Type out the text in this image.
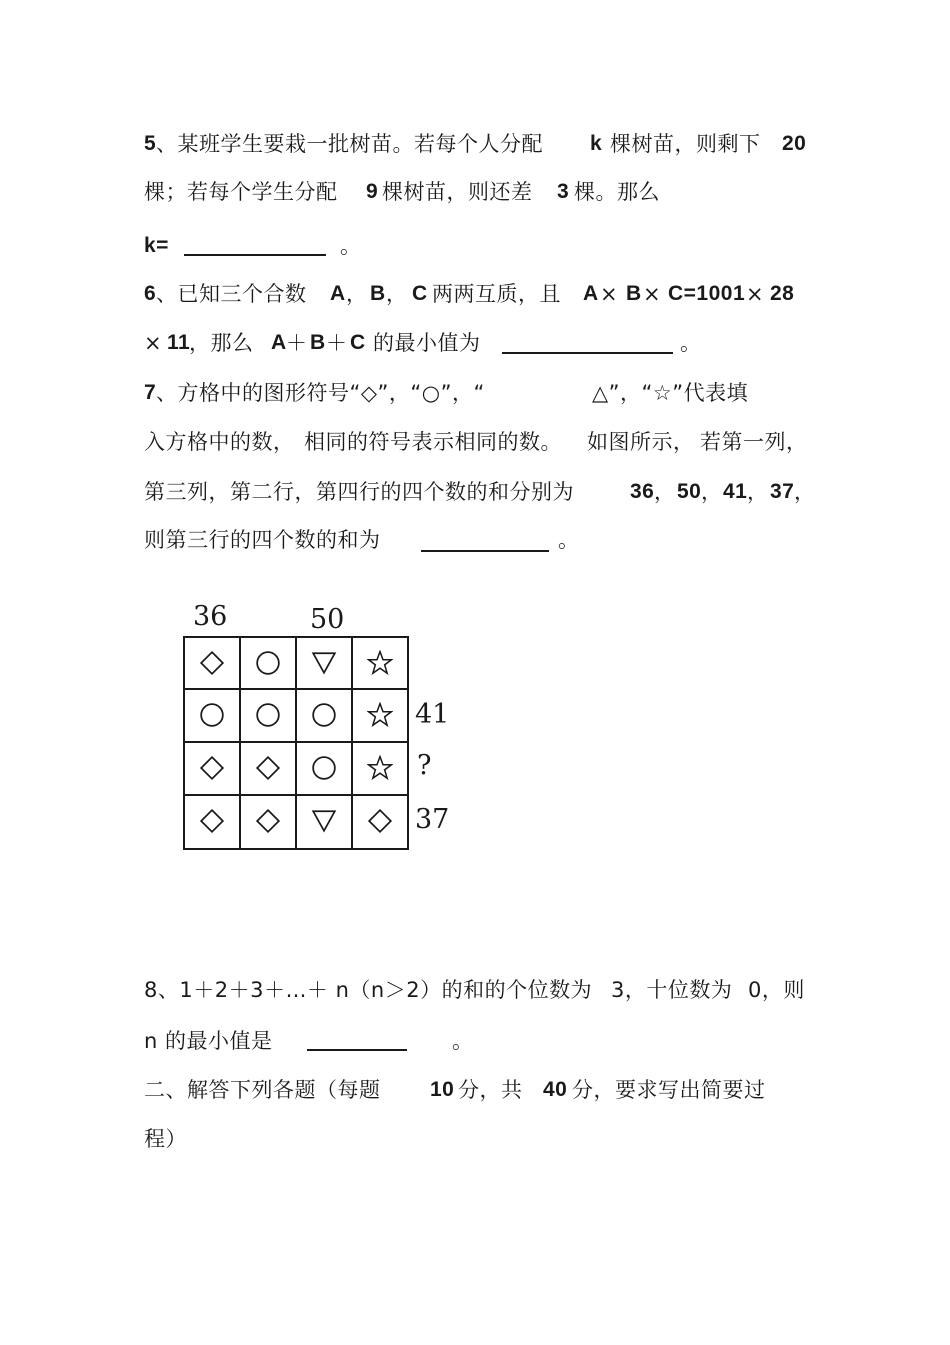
5 、某班学生要栽一批树苗。若每个人分配 k 棵树苗，则剩下 20
棵；若每个学生分配 9 棵树苗，则还差 3 棵。那么
k=	。
6 、已知三个合数 A ， B ， C 两两互质，且 A × B × C=1001 × 28
× 11
，那么 A ＋ B ＋ C 的最小值为	。
7 、方格中的图形符号“◇”，“○”，“	△”，“☆”代表填
入方格中的数， 相同的符号表示相同的数。 如图所示， 若第一列，
第三列，第二行，第四行的四个数的和分别为	36 ， 50 ， 41 ， 37 ，
则第三行的四个数的和为	。
36	50
41
?
37
8、1＋2＋3＋…＋ n（n＞2）的和的个位数为 3，十位数为 0，则
n 的最小值是	。
二、解答下列各题（每题 10 分，共 40 分，要求写出简要过
程）
